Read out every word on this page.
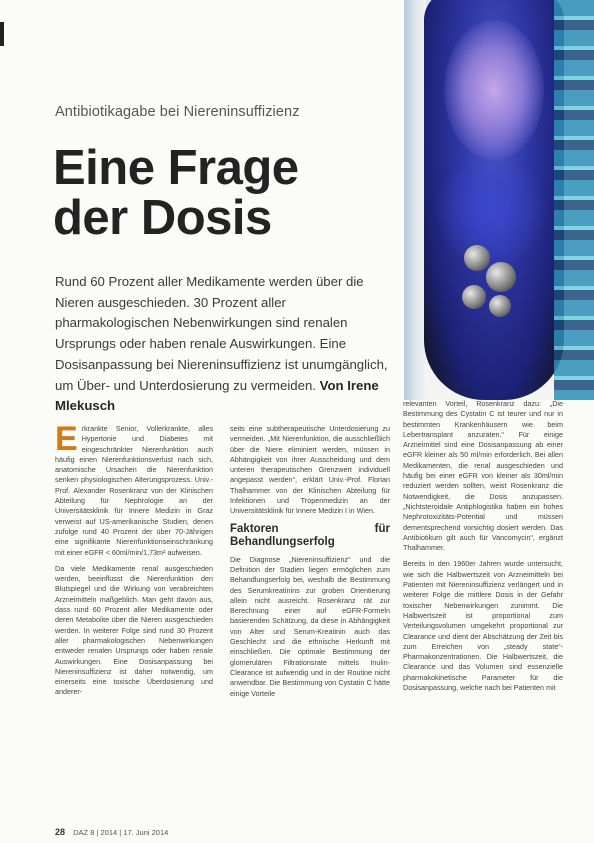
Antibiotikagabe bei Niereninsuffizienz
Eine Frage
der Dosis
Rund 60 Prozent aller Medikamente werden über die Nieren ausgeschieden. 30 Prozent aller pharmakologischen Nebenwirkungen sind renalen Ursprungs oder haben renale Auswirkungen. Eine Dosisanpassung bei Niereninsuffizienz ist unumgänglich, um Über- und Unterdosierung zu vermeiden. Von Irene Mlekusch

Erkrankte Senior, Vollerkrankte, alles Hypertonie und Diabetes mit eingeschränkter Nierenfunktion auch häufig einen Nierenfunktionsverlust nach sich, anatomische Ursachen die Nierenfunktion senken physiologischen Alterungsprozess. Univ.-Prof. Alexander Rosenkranz von der Klinischen Abteilung für Nephrologie an der Universitätsklinik für Innere Medizin in Graz verweist auf US-amerikanische Studien, denen zufolge rund 40 Prozent der über 70-Jährigen eine signifikante Nierenfunktionseinschränkung mit einer eGFR < 60ml/min/1,73m² aufweisen.

Da viele Medikamente renal ausgeschieden werden, beeinflusst die Nierenfunktion den Blutspiegel und die Wirkung von verabreichten Arzneimitteln maßgeblich. Man geht davon aus, dass rund 60 Prozent aller Medikamente oder deren Metabolite über die Nieren ausgeschieden werden. In weiterer Folge sind rund 30 Prozent aller pharmakologischen Nebenwirkungen entweder renalen Ursprungs oder haben renale Auswirkungen. Eine Dosisanpassung bei Niereninsuffizienz ist daher notwendig, um einerseits eine toxische Überdosierung und anderer-

seits eine subtherapeutische Unterdosierung zu vermeiden. „Mit Nierenfunktion, die ausschließlich über die Niere eliminiert werden, müssen in Abhängigkeit von ihrer Ausscheidung und dem unteren therapeutischen Grenzwert individuell angepasst werden“, erklärt Univ.-Prof. Florian Thalhammer von der Klinischen Abteilung für Infektionen und Tropenmedizin an der Universitätsklinik für Innere Medizin I in Wien.

Faktoren für Behandlungserfolg

Die Diagnose „Niereninsuffizienz“ und die Definition der Stadien liegen ermöglichen zum Behandlungserfolg bei, weshalb die Bestimmung des Serumkreatinins zur groben Orientierung allein nicht ausreicht. Rosenkranz rät zur Berechnung einer auf eGFR-Formeln basierenden Schätzung, da diese in Abhängigkeit von Alter und Serum-Kreatinin auch das Geschlecht und die ethnische Herkunft mit einschließen. Die optimale Bestimmung der glomerulären Filtrationsrate mittels Inulin-Clearance ist aufwendig und in der Routine nicht anwendbar. Die Bestimmung von Cystatin C hätte einige Vorteile

relevanten Vorteil, Rosenkranz dazu: „Die Bestimmung des Cystatin C ist teurer und nur in bestimmten Krankenhäusern wie beim Lebertransplant anzuraten.“ Für einige Arzneimittel sind eine Dosisanpassung ab einer eGFR kleiner als 50 ml/min erforderlich. Bei allen Medikamenten, die renal ausgeschieden und häufig bei einer eGFR von kleiner als 30ml/min reduziert werden sollten, weist Rosenkranz die Notwendigkeit, die Dosis anzupassen. „Nichtsteroidale Antiphlogistika haben ein hohes Nephrotoxizitäts-Potential und müssen dementsprechend vorsichtig dosiert werden. Das Antibiotikum gilt auch für Vancomycin“, ergänzt Thalhammer.

Bereits in den 1960er Jahren wurde untersucht, wie sich die Halbwertszeit von Arzneimitteln bei Patienten mit Niereninsuffizienz verlängert und in weiterer Folge die mittlere Dosis in der Gefahr toxischer Nebenwirkungen zunimmt. Die Halbwertszeit ist proportional zum Verteilungsvolumen umgekehrt proportional zur Clearance und dient der Abschätzung der Zeit bis zum Erreichen von „steady state“-Pharmakonzentrationen. Die Halbwertszeit, die Clearance und das Volumen sind essenzielle pharmakokinetische Parameter für die Dosisanpassung, welche nach bei Patienten mit

28 DAZ 8 | 2014 | 17. Juni 2014
